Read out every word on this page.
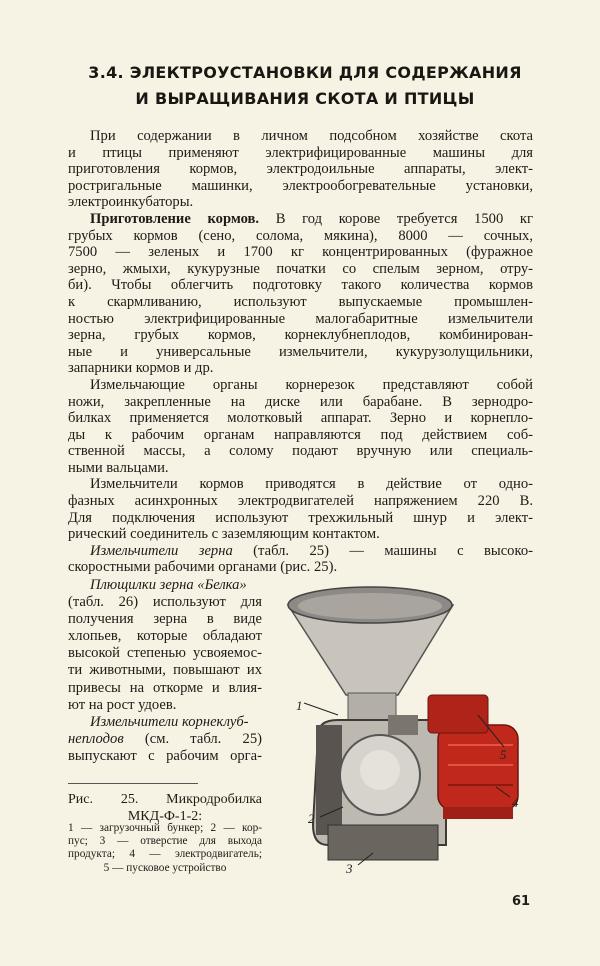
3.4. ЭЛЕКТРОУСТАНОВКИ ДЛЯ СОДЕРЖАНИЯ
И ВЫРАЩИВАНИЯ СКОТА И ПТИЦЫ
При содержании в личном подсобном хозяйстве скота
и птицы применяют электрифицированные машины для
приготовления кормов, электродоильные аппараты, элект-
ростригальные машинки, электрообогревательные установки,
электроинкубаторы.
Приготовление кормов. В год корове требуется 1500 кг
грубых кормов (сено, солома, мякина), 8000 — сочных,
7500 — зеленых и 1700 кг концентрированных (фуражное
зерно, жмыхи, кукурузные початки со спелым зерном, отру-
би). Чтобы облегчить подготовку такого количества кормов
к скармливанию, используют выпускаемые промышлен-
ностью электрифицированные малогабаритные измельчители
зерна, грубых кормов, корнеклубнеплодов, комбинирован-
ные и универсальные измельчители, кукурузолущильники,
запарники кормов и др.
Измельчающие органы корнерезок представляют собой
ножи, закрепленные на диске или барабане. В зернодро-
билках применяется молотковый аппарат. Зерно и корнепло-
ды к рабочим органам направляются под действием соб-
ственной массы, а солому подают вручную или специаль-
ными вальцами.
Измельчители кормов приводятся в действие от одно-
фазных асинхронных электродвигателей напряжением 220 В.
Для подключения используют трехжильный шнур и элект-
рический соединитель с заземляющим контактом.
Измельчители зерна (табл. 25) — машины с высоко-
скоростными рабочими органами (рис. 25).
Плющилки зерна «Белка»
(табл. 26) используют для
получения зерна в виде
хлопьев, которые обладают
высокой степенью усвояемос-
ти животными, повышают их
привесы на откорме и влия-
ют на рост удоев.
Измельчители корнеклуб-
неплодов (см. табл. 25)
выпускают с рабочим орга-
1
2
3
4
5
Рис. 25. Микродробилка
МКД-Ф-1-2:
1 — загрузочный бункер; 2 — кор-
пус; 3 — отверстие для выхода
продукта; 4 — электродвигатель;
5 — пусковое устройство
61
